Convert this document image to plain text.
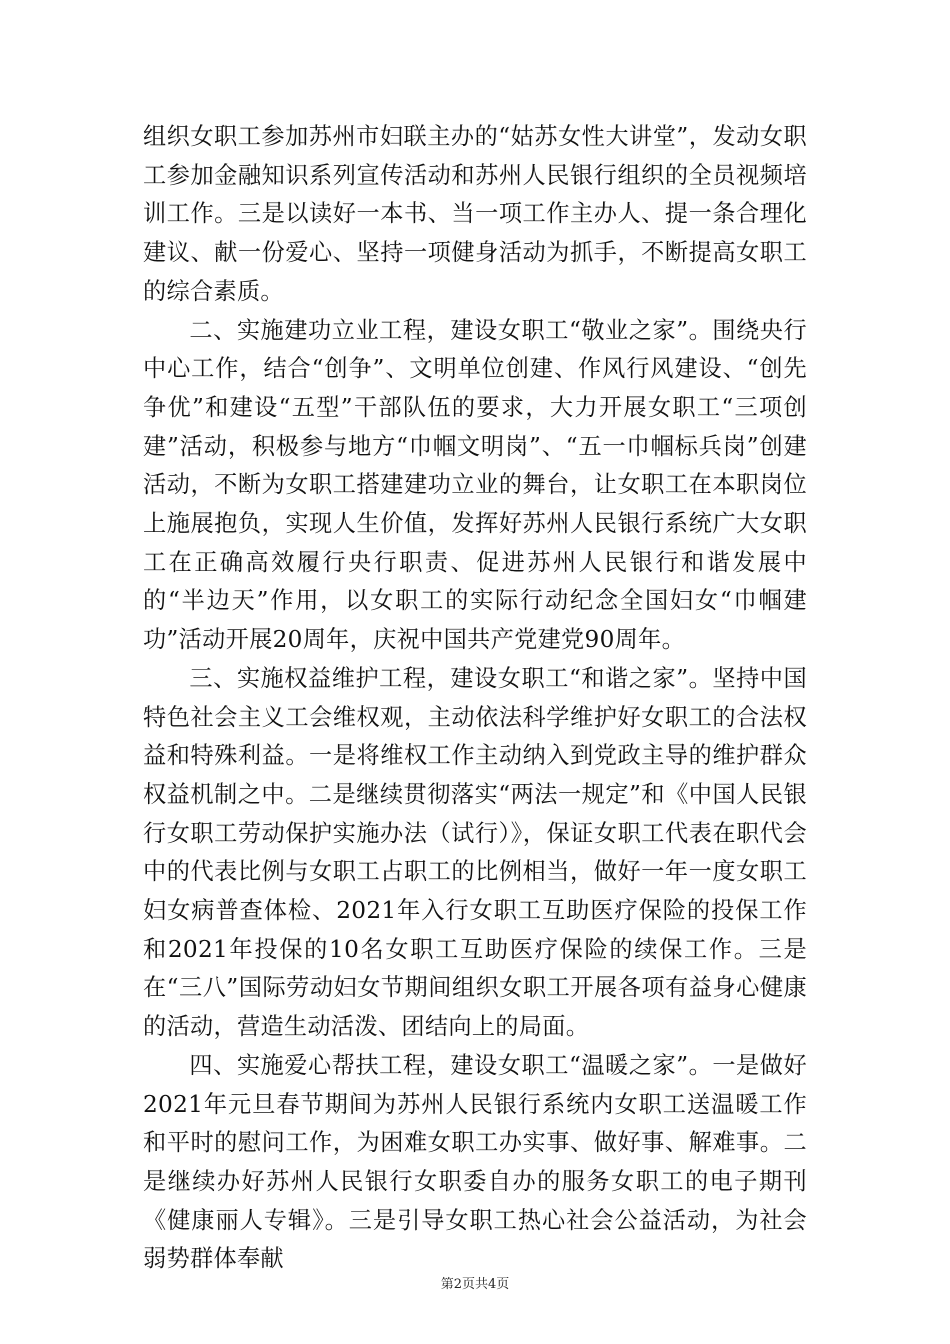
组织女职工参加苏州市妇联主办的“姑苏女性大讲堂”，发动女职工参加金融知识系列宣传活动和苏州人民银行组织的全员视频培训工作。三是以读好一本书、当一项工作主办人、提一条合理化建议、献一份爱心、坚持一项健身活动为抓手，不断提高女职工的综合素质。

二、实施建功立业工程，建设女职工“敬业之家”。围绕央行中心工作，结合“创争”、文明单位创建、作风行风建设、“创先争优”和建设“五型”干部队伍的要求，大力开展女职工“三项创建”活动，积极参与地方“巾帼文明岗”、“五一巾帼标兵岗”创建活动，不断为女职工搭建建功立业的舞台，让女职工在本职岗位上施展抱负，实现人生价值，发挥好苏州人民银行系统广大女职工在正确高效履行央行职责、促进苏州人民银行和谐发展中的“半边天”作用，以女职工的实际行动纪念全国妇女“巾帼建功”活动开展20周年，庆祝中国共产党建党90周年。

三、实施权益维护工程，建设女职工“和谐之家”。坚持中国特色社会主义工会维权观，主动依法科学维护好女职工的合法权益和特殊利益。一是将维权工作主动纳入到党政主导的维护群众权益机制之中。二是继续贯彻落实“两法一规定”和《中国人民银行女职工劳动保护实施办法（试行）》，保证女职工代表在职代会中的代表比例与女职工占职工的比例相当，做好一年一度女职工妇女病普查体检、2021年入行女职工互助医疗保险的投保工作和2021年投保的10名女职工互助医疗保险的续保工作。三是在“三八”国际劳动妇女节期间组织女职工开展各项有益身心健康的活动，营造生动活泼、团结向上的局面。

四、实施爱心帮扶工程，建设女职工“温暖之家”。一是做好2021年元旦春节期间为苏州人民银行系统内女职工送温暖工作和平时的慰问工作，为困难女职工办实事、做好事、解难事。二是继续办好苏州人民银行女职委自办的服务女职工的电子期刊《健康丽人专辑》。三是引导女职工热心社会公益活动，为社会弱势群体奉献

第2页共4页
